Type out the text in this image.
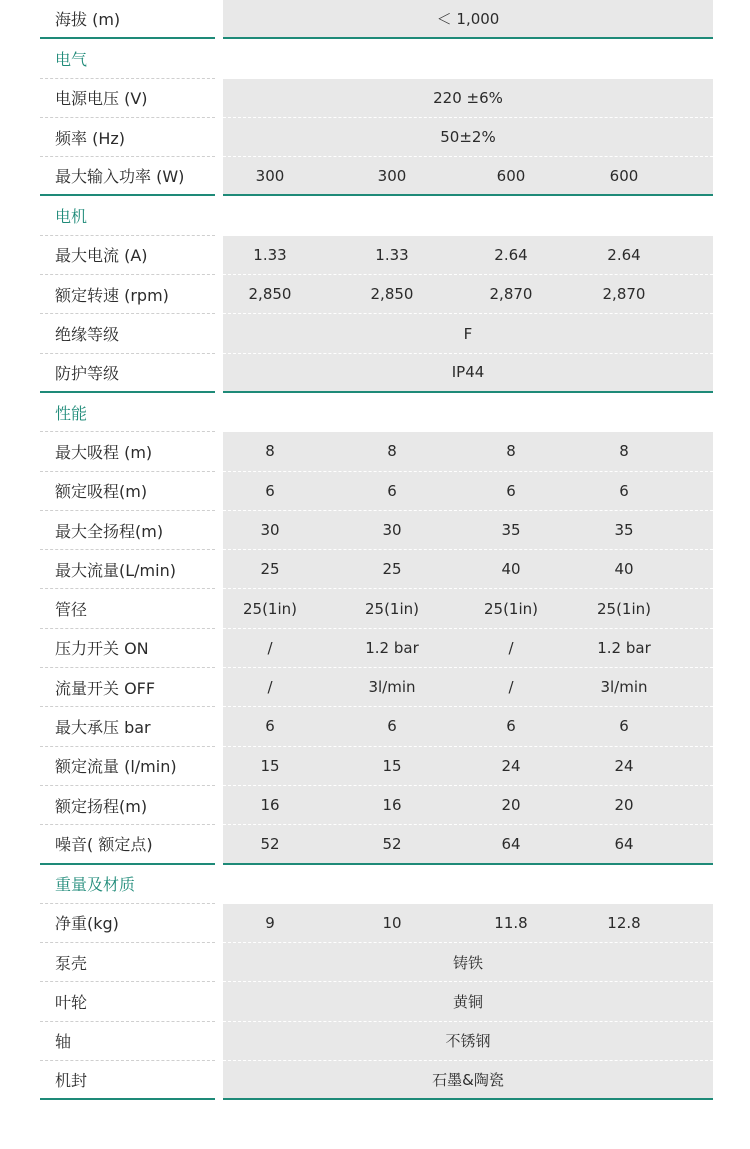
海拔 (m)	＜ 1,000
电气
电源电压 (V)	220 ±6%
频率 (Hz)	50±2%
最大输入功率 (W)	300	300	600	600
电机
最大电流 (A)	1.33	1.33	2.64	2.64
额定转速 (rpm)	2,850	2,850	2,870	2,870
绝缘等级	F
防护等级	IP44
性能
最大吸程 (m)	8	8	8	8
额定吸程(m)	6	6	6	6
最大全扬程(m)	30	30	35	35
最大流量(L/min)	25	25	40	40
管径	25(1in)	25(1in)	25(1in)	25(1in)
压力开关 ON	/	1.2 bar	/	1.2 bar
流量开关 OFF	/	3l/min	/	3l/min
最大承压 bar	6	6	6	6
额定流量 (l/min)	15	15	24	24
额定扬程(m)	16	16	20	20
噪音( 额定点)	52	52	64	64
重量及材质
净重(kg)	9	10	11.8	12.8
泵壳	铸铁
叶轮	黄铜
轴	不锈钢
机封	石墨&陶瓷
